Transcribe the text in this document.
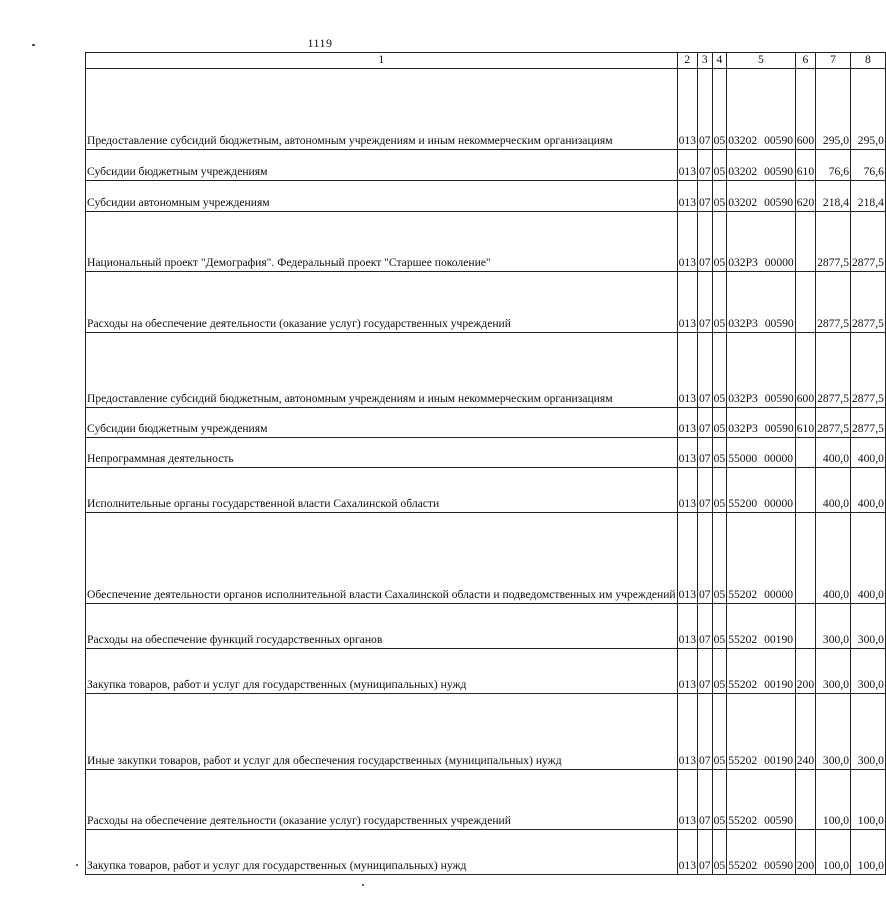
1119
1	2	3	4	5	6	7	8
Предоставление субсидий бюджетным, автономным учреждениям и иным некоммерческим организациям	013	07	05	03202 00590	600	295,0	295,0
Субсидии бюджетным учреждениям	013	07	05	03202 00590	610	76,6	76,6
Субсидии автономным учреждениям	013	07	05	03202 00590	620	218,4	218,4
Национальный проект "Демография". Федеральный проект "Старшее поколение"	013	07	05	032P3 00000		2877,5	2877,5
Расходы на обеспечение деятельности (оказание услуг) государственных учреждений	013	07	05	032P3 00590		2877,5	2877,5
Предоставление субсидий бюджетным, автономным учреждениям и иным некоммерческим организациям	013	07	05	032P3 00590	600	2877,5	2877,5
Субсидии бюджетным учреждениям	013	07	05	032P3 00590	610	2877,5	2877,5
Непрограммная деятельность	013	07	05	55000 00000		400,0	400,0
Исполнительные органы государственной власти Сахалинской области	013	07	05	55200 00000		400,0	400,0
Обеспечение деятельности органов исполнительной власти Сахалинской области и подведомственных им учреждений	013	07	05	55202 00000		400,0	400,0
Расходы на обеспечение функций государственных органов	013	07	05	55202 00190		300,0	300,0
Закупка товаров, работ и услуг для государственных (муниципальных) нужд	013	07	05	55202 00190	200	300,0	300,0
Иные закупки товаров, работ и услуг для обеспечения государственных (муниципальных) нужд	013	07	05	55202 00190	240	300,0	300,0
Расходы на обеспечение деятельности (оказание услуг) государственных учреждений	013	07	05	55202 00590		100,0	100,0
Закупка товаров, работ и услуг для государственных (муниципальных) нужд	013	07	05	55202 00590	200	100,0	100,0
